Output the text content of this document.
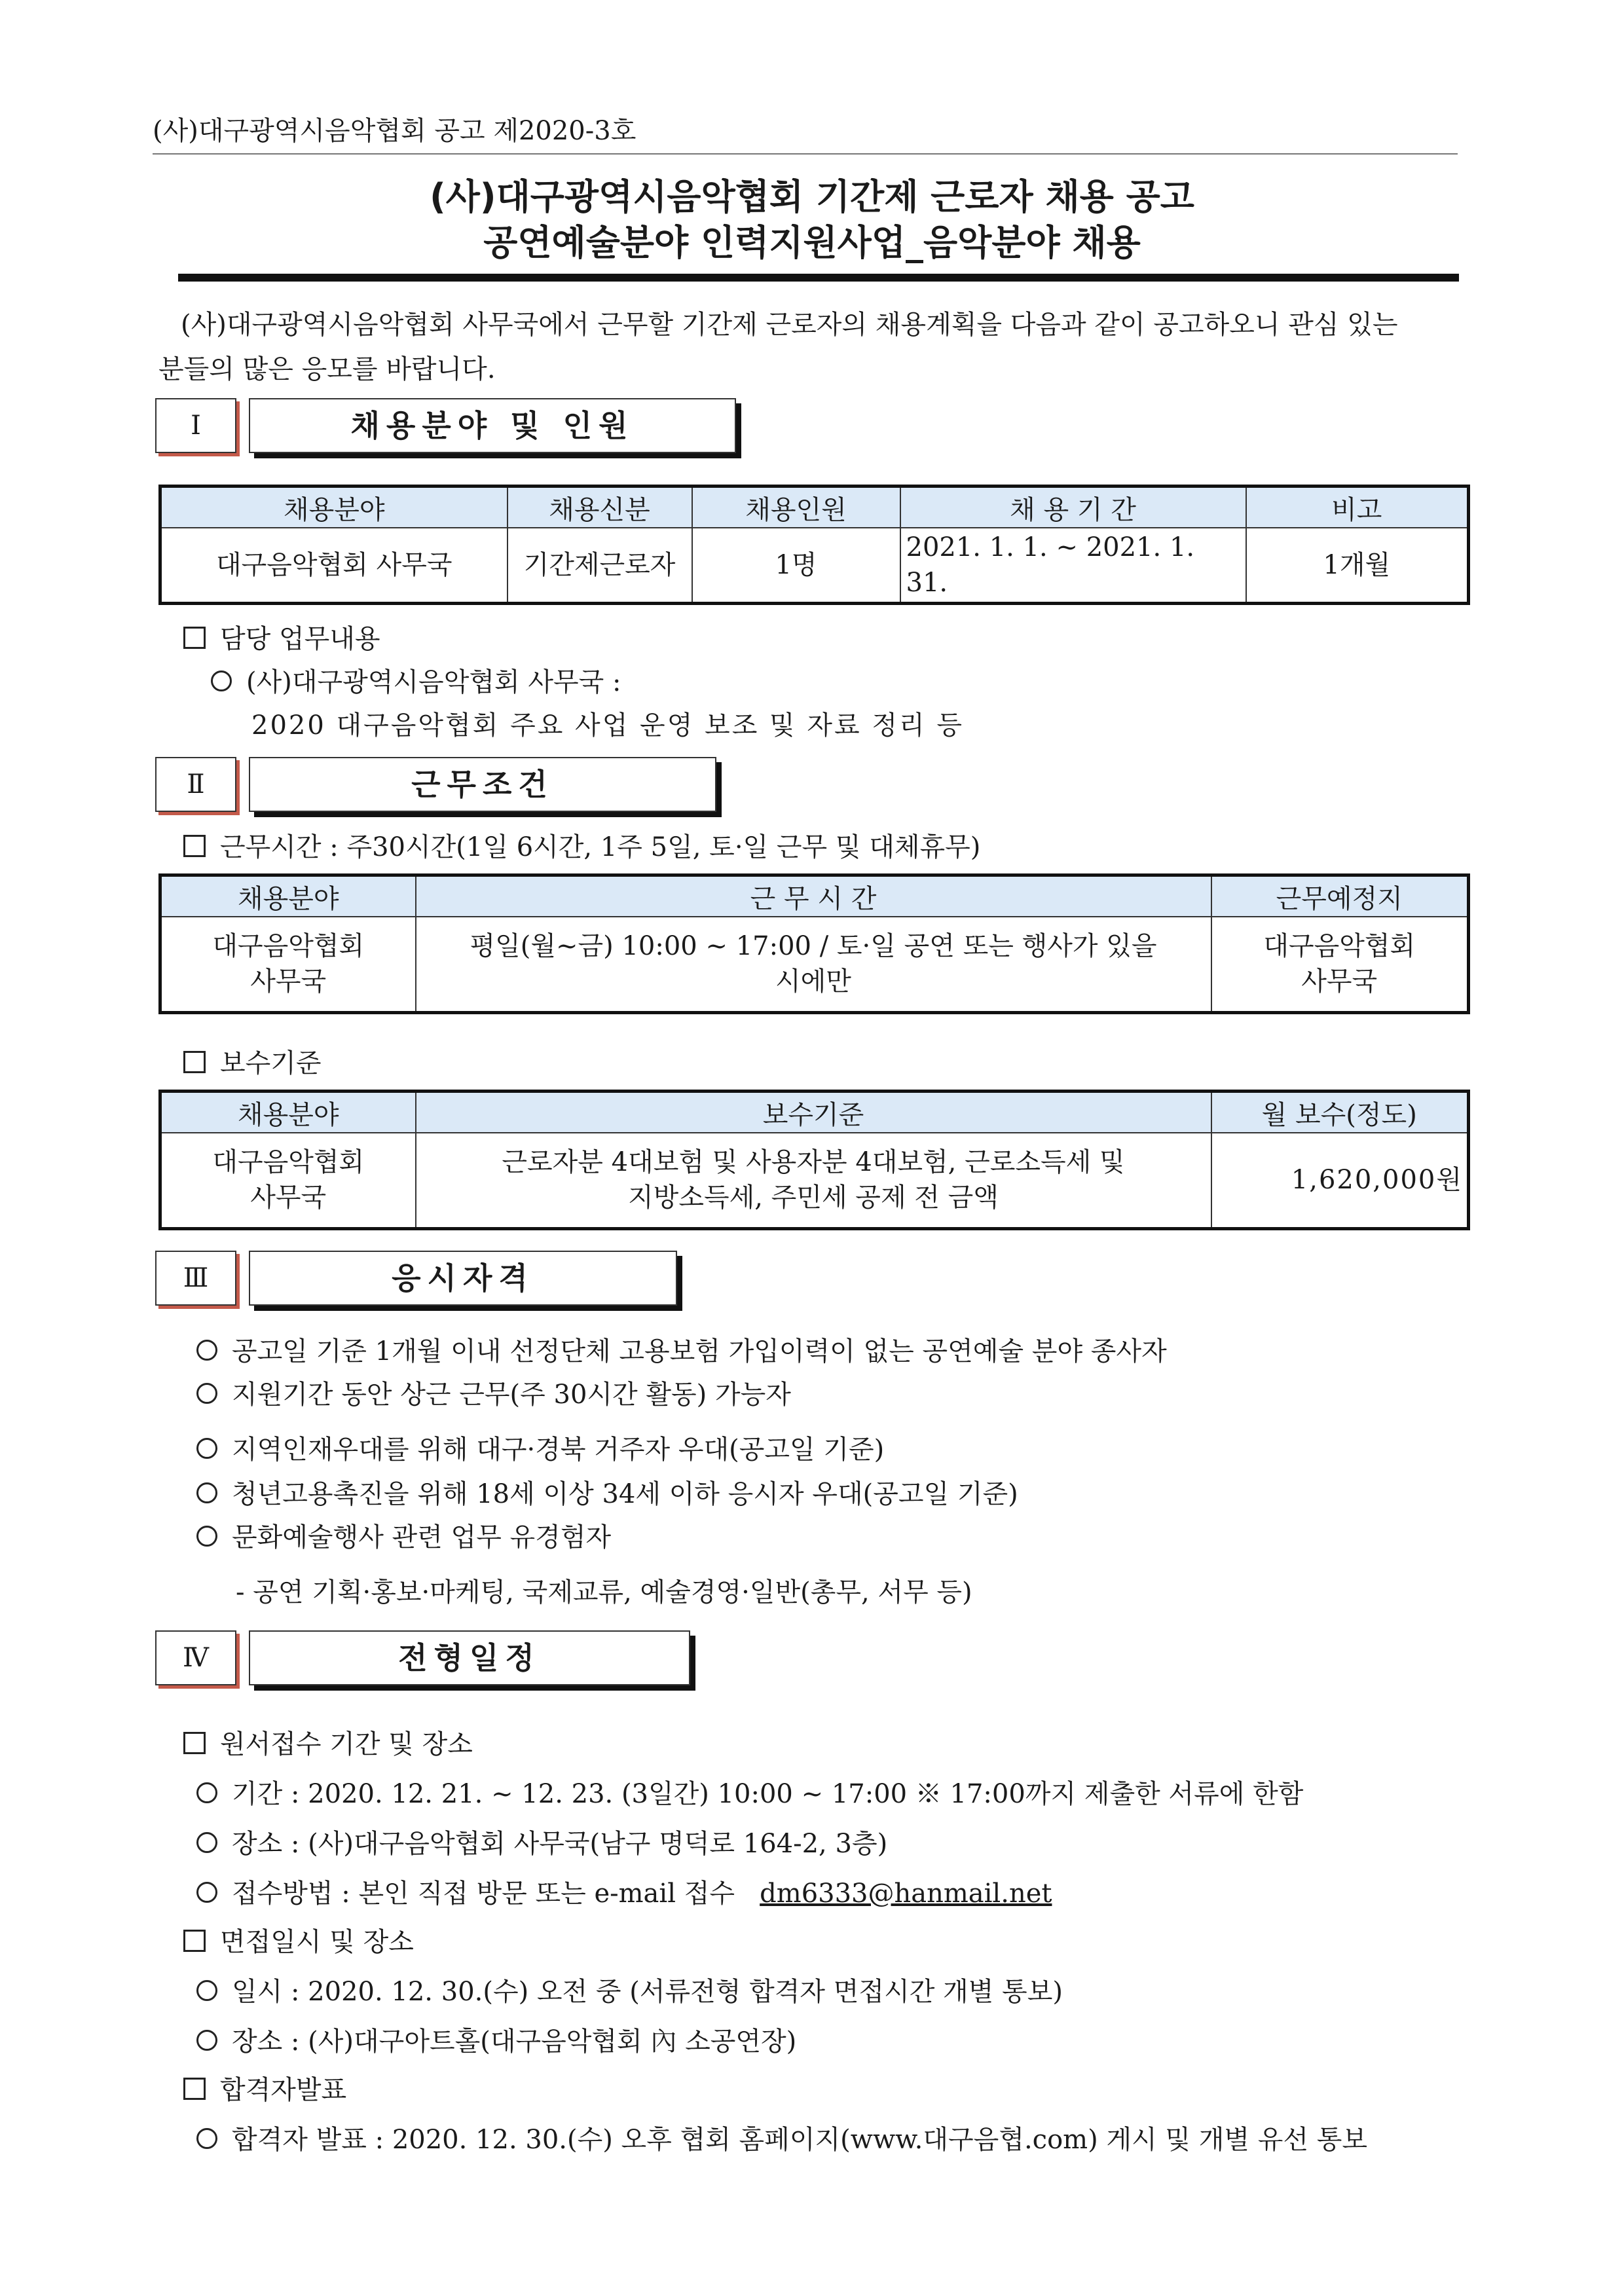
(사)대구광역시음악협회 공고 제2020-3호
(사)대구광역시음악협회 기간제 근로자 채용 공고
공연예술분야 인력지원사업_음악분야 채용
(사)대구광역시음악협회 사무국에서 근무할 기간제 근로자의 채용계획을 다음과 같이 공고하오니 관심 있는
분들의 많은 응모를 바랍니다.
Ⅰ	채용분야 및 인원
채용분야	채용신분	채용인원	채 용 기 간	비고
대구음악협회 사무국	기간제근로자	1명	2021. 1. 1. ~ 2021. 1. 31.	1개월
담당 업무내용
(사)대구광역시음악협회 사무국 :
2020 대구음악협회 주요 사업 운영 보조 및 자료 정리 등
Ⅱ	근무조건
근무시간 : 주30시간(1일 6시간, 1주 5일, 토·일 근무 및 대체휴무)
채용분야	근 무 시 간	근무예정지
대구음악협회
사무국	평일(월~금) 10:00 ~ 17:00 / 토·일 공연 또는 행사가 있을
시에만	대구음악협회
사무국
보수기준
채용분야	보수기준	월 보수(정도)
대구음악협회
사무국	근로자분 4대보험 및 사용자분 4대보험, 근로소득세 및
지방소득세, 주민세 공제 전 금액	1,620,000원
Ⅲ	응시자격
공고일 기준 1개월 이내 선정단체 고용보험 가입이력이 없는 공연예술 분야 종사자
지원기간 동안 상근 근무(주 30시간 활동) 가능자
지역인재우대를 위해 대구·경북 거주자 우대(공고일 기준)
청년고용촉진을 위해 18세 이상 34세 이하 응시자 우대(공고일 기준)
문화예술행사 관련 업무 유경험자
- 공연 기획·홍보·마케팅, 국제교류, 예술경영·일반(총무, 서무 등)
Ⅳ	전형일정
원서접수 기간 및 장소
기간 : 2020. 12. 21. ~ 12. 23. (3일간) 10:00 ~ 17:00 ※ 17:00까지 제출한 서류에 한함
장소 : (사)대구음악협회 사무국(남구 명덕로 164-2, 3층)
접수방법 : 본인 직접 방문 또는 e-mail 접수 dm6333@hanmail.net
면접일시 및 장소
일시 : 2020. 12. 30.(수) 오전 중 (서류전형 합격자 면접시간 개별 통보)
장소 : (사)대구아트홀(대구음악협회 內 소공연장)
합격자발표
합격자 발표 : 2020. 12. 30.(수) 오후 협회 홈페이지(www.대구음협.com) 게시 및 개별 유선 통보
